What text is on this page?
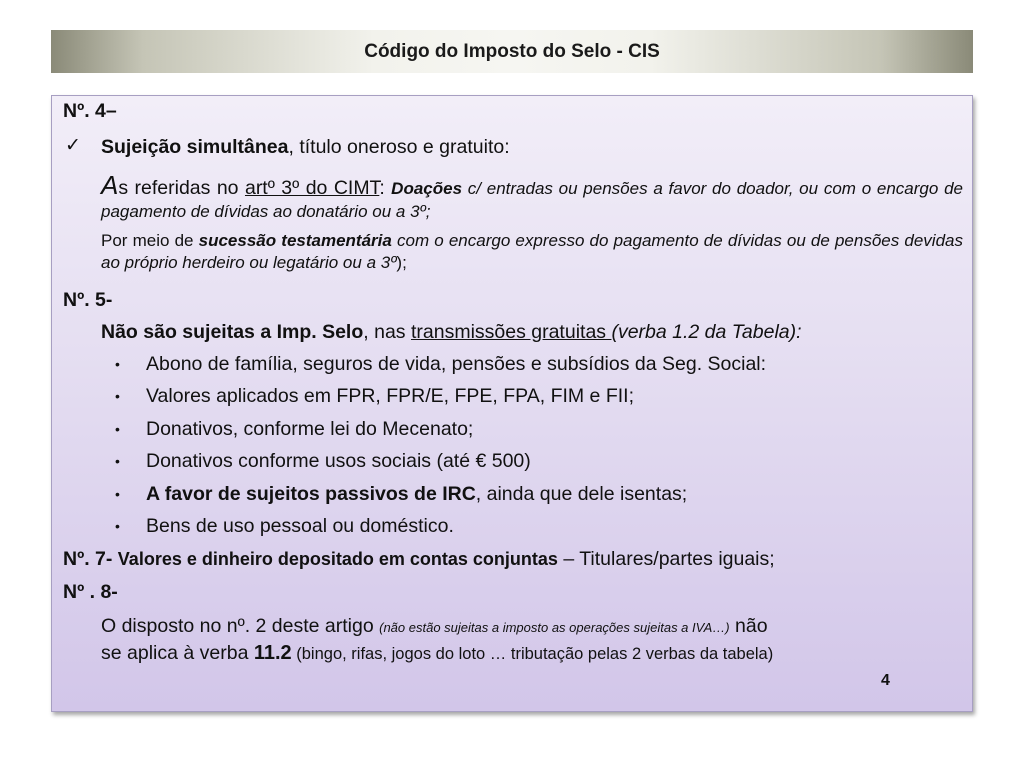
Código do Imposto do Selo - CIS
Nº. 4–
✓ Sujeição simultânea, título oneroso e gratuito:
As referidas no artº 3º do CIMT: Doações c/ entradas ou pensões a favor do doador, ou com o encargo de pagamento de dívidas ao donatário ou a 3º;
Por meio de sucessão testamentária com o encargo expresso do pagamento de dívidas ou de pensões devidas ao próprio herdeiro ou legatário ou a 3º);
Nº. 5-
Não são sujeitas a Imp. Selo, nas transmissões gratuitas (verba 1.2 da Tabela):
• Abono de família, seguros de vida, pensões e subsídios da Seg. Social:
• Valores aplicados em FPR, FPR/E, FPE, FPA, FIM e FII;
• Donativos, conforme lei do Mecenato;
• Donativos conforme usos sociais (até € 500)
• A favor de sujeitos passivos de IRC, ainda que dele isentas;
• Bens de uso pessoal ou doméstico.
Nº. 7- Valores e dinheiro depositado em contas conjuntas – Titulares/partes iguais;
Nº . 8-
O disposto no nº. 2 deste artigo (não estão sujeitas a imposto as operações sujeitas a IVA…) não
se aplica à verba 11.2 (bingo, rifas, jogos do loto … tributação pelas 2 verbas da tabela)
4
